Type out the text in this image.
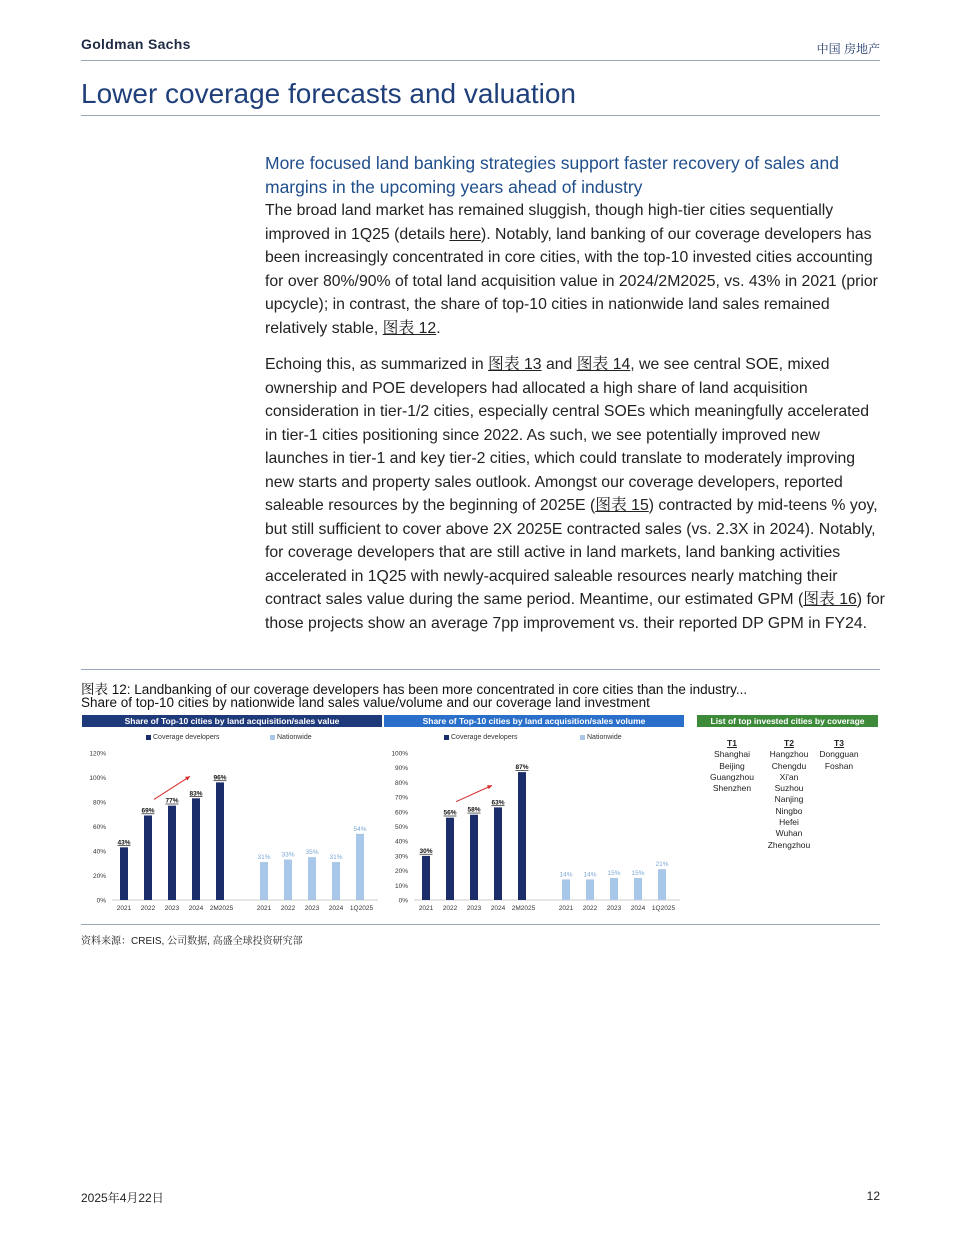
Goldman Sachs	中国 房地产
Lower coverage forecasts and valuation
More focused land banking strategies support faster recovery of sales and margins in the upcoming years ahead of industry
The broad land market has remained sluggish, though high-tier cities sequentially improved in 1Q25 (details here). Notably, land banking of our coverage developers has been increasingly concentrated in core cities, with the top-10 invested cities accounting for over 80%/90% of total land acquisition value in 2024/2M2025, vs. 43% in 2021 (prior upcycle); in contrast, the share of top-10 cities in nationwide land sales remained relatively stable, 图表 12.
Echoing this, as summarized in 图表 13 and 图表 14, we see central SOE, mixed ownership and POE developers had allocated a high share of land acquisition consideration in tier-1/2 cities, especially central SOEs which meaningfully accelerated in tier-1 cities positioning since 2022. As such, we see potentially improved new launches in tier-1 and key tier-2 cities, which could translate to moderately improving new starts and property sales outlook. Amongst our coverage developers, reported saleable resources by the beginning of 2025E (图表 15) contracted by mid-teens % yoy, but still sufficient to cover above 2X 2025E contracted sales (vs. 2.3X in 2024). Notably, for coverage developers that are still active in land markets, land banking activities accelerated in 1Q25 with newly-acquired saleable resources nearly matching their contract sales value during the same period. Meantime, our estimated GPM (图表 16) for those projects show an average 7pp improvement vs. their reported DP GPM in FY24.
图表 12: Landbanking of our coverage developers has been more concentrated in core cities than the industry...
Share of top-10 cities by nationwide land sales value/volume and our coverage land investment
Share of Top-10 cities by land acquisition/sales value	Share of Top-10 cities by land acquisition/sales volume	List of top invested cities by coverage
Coverage developers	Nationwide	Coverage developers	Nationwide
0%
20%
40%
60%
80%
100%
120%
43%
2021
69%
2022
77%
2023
83%
2024
96%
2M2025
31%
2021
33%
2022
35%
2023
31%
2024
54%
1Q2025
0%
10%
20%
30%
40%
50%
60%
70%
80%
90%
100%
30%
2021
56%
2022
58%
2023
63%
2024
87%
2M2025
14%
2021
14%
2022
15%
2023
15%
2024
21%
1Q2025
T1
Shanghai
Beijing
Guangzhou
Shenzhen
T2
Hangzhou
Chengdu
Xi'an
Suzhou
Nanjing
Ningbo
Hefei
Wuhan
Zhengzhou
T3
Dongguan
Foshan
资料来源：CREIS, 公司数据, 高盛全球投资研究部
2025年4月22日	12
